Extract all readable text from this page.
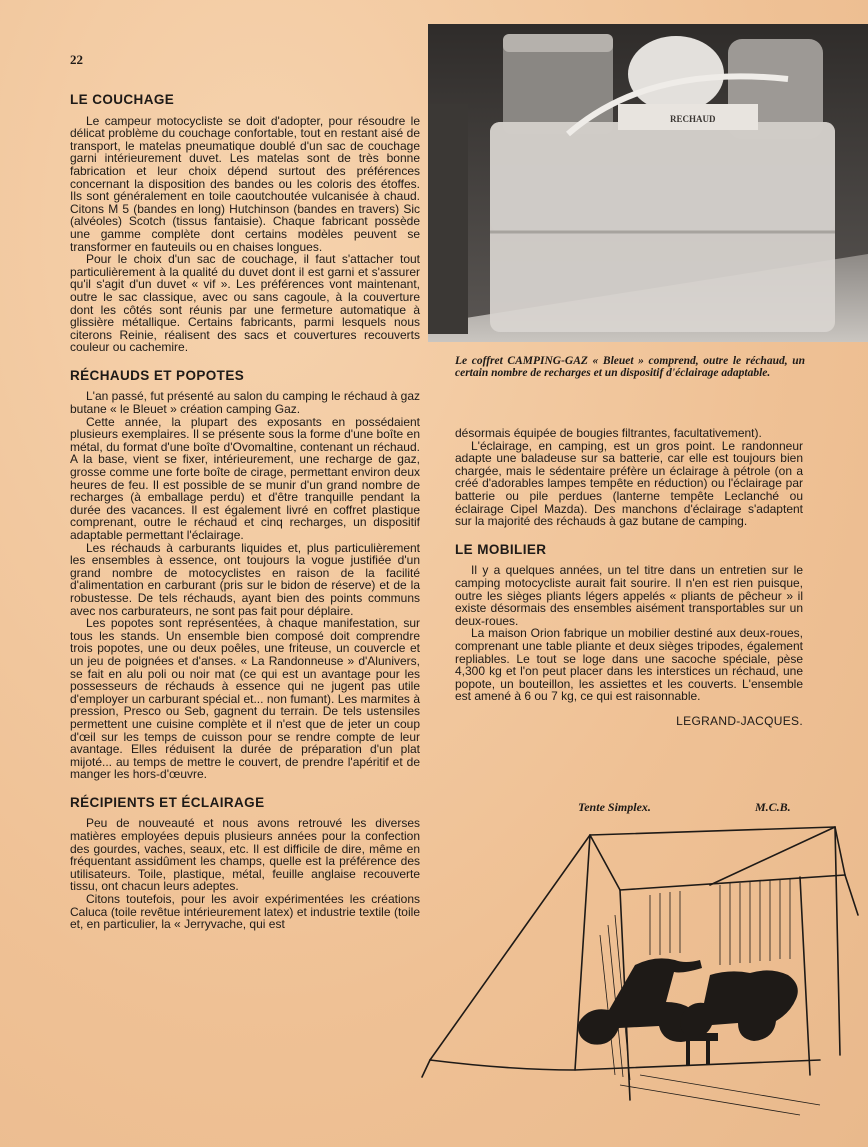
22
RECHAUD
Le coffret CAMPING-GAZ « Bleuet » comprend, outre le réchaud, un certain nombre de recharges et un dispositif d'éclairage adaptable.
LE COUCHAGE

Le campeur motocycliste se doit d'adopter, pour résoudre le délicat problème du couchage confortable, tout en restant aisé de transport, le matelas pneumatique doublé d'un sac de couchage garni intérieurement duvet. Les matelas sont de très bonne fabrication et leur choix dépend surtout des préférences concernant la disposition des bandes ou les coloris des étoffes. Ils sont généralement en toile caoutchoutée vulcanisée à chaud. Citons M 5 (bandes en long) Hutchinson (bandes en travers) Sic (alvéoles) Scotch (tissus fantaisie). Chaque fabricant possède une gamme complète dont certains modèles peuvent se transformer en fauteuils ou en chaises longues.

Pour le choix d'un sac de couchage, il faut s'attacher tout particulièrement à la qualité du duvet dont il est garni et s'assurer qu'il s'agit d'un duvet « vif ». Les préférences vont maintenant, outre le sac classique, avec ou sans cagoule, à la couverture dont les côtés sont réunis par une fermeture automatique à glissière métallique. Certains fabricants, parmi lesquels nous citerons Reinie, réalisent des sacs et couvertures recouverts couleur ou cachemire.

RÉCHAUDS ET POPOTES

L'an passé, fut présenté au salon du camping le réchaud à gaz butane « le Bleuet » création camping Gaz.

Cette année, la plupart des exposants en possédaient plusieurs exemplaires. Il se présente sous la forme d'une boîte en métal, du format d'une boîte d'Ovomaltine, contenant un réchaud. A la base, vient se fixer, intérieurement, une recharge de gaz, grosse comme une forte boîte de cirage, permettant environ deux heures de feu. Il est possible de se munir d'un grand nombre de recharges (à emballage perdu) et d'être tranquille pendant la durée des vacances. Il est également livré en coffret plastique comprenant, outre le réchaud et cinq recharges, un dispositif adaptable permettant l'éclairage.

Les réchauds à carburants liquides et, plus particulièrement les ensembles à essence, ont toujours la vogue justifiée d'un grand nombre de motocyclistes en raison de la facilité d'alimentation en carburant (pris sur le bidon de réserve) et de la robustesse. De tels réchauds, ayant bien des points communs avec nos carburateurs, ne sont pas fait pour déplaire.

Les popotes sont représentées, à chaque manifestation, sur tous les stands. Un ensemble bien composé doit comprendre trois popotes, une ou deux poêles, une friteuse, un couvercle et un jeu de poignées et d'anses. « La Randonneuse » d'Alunivers, se fait en alu poli ou noir mat (ce qui est un avantage pour les possesseurs de réchauds à essence qui ne jugent pas utile d'employer un carburant spécial et... non fumant). Les marmites à pression, Presco ou Seb, gagnent du terrain. De tels ustensiles permettent une cuisine complète et il n'est que de jeter un coup d'œil sur les temps de cuisson pour se rendre compte de leur avantage. Elles réduisent la durée de préparation d'un plat mijoté... au temps de mettre le couvert, de prendre l'apéritif et de manger les hors-d'œuvre.

RÉCIPIENTS ET ÉCLAIRAGE

Peu de nouveauté et nous avons retrouvé les diverses matières employées depuis plusieurs années pour la confection des gourdes, vaches, seaux, etc. Il est difficile de dire, même en fréquentant assidûment les champs, quelle est la préférence des utilisateurs. Toile, plastique, métal, feuille anglaise recouverte tissu, ont chacun leurs adeptes.

Citons toutefois, pour les avoir expérimentées les créations Caluca (toile revêtue intérieurement latex) et industrie textile (toile et, en particulier, la « Jerryvache, qui est

désormais équipée de bougies filtrantes, facultativement).

L'éclairage, en camping, est un gros point. Le randonneur adapte une baladeuse sur sa batterie, car elle est toujours bien chargée, mais le sédentaire préfère un éclairage à pétrole (on a créé d'adorables lampes tempête en réduction) ou l'éclairage par batterie ou pile perdues (lanterne tempête Leclanché ou éclairage Cipel Mazda). Des manchons d'éclairage s'adaptent sur la majorité des réchauds à gaz butane de camping.

LE MOBILIER

Il y a quelques années, un tel titre dans un entretien sur le camping motocycliste aurait fait sourire. Il n'en est rien puisque, outre les sièges pliants légers appelés « pliants de pêcheur » il existe désormais des ensembles aisément transportables sur un deux-roues.

La maison Orion fabrique un mobilier destiné aux deux-roues, comprenant une table pliante et deux sièges tripodes, également repliables. Le tout se loge dans une sacoche spéciale, pèse 4,300 kg et l'on peut placer dans les interstices un réchaud, une popote, un bouteillon, les assiettes et les couverts. L'ensemble est amené à 6 ou 7 kg, ce qui est raisonnable.

LEGRAND-JACQUES.
Tente Simplex.	M.C.B.
